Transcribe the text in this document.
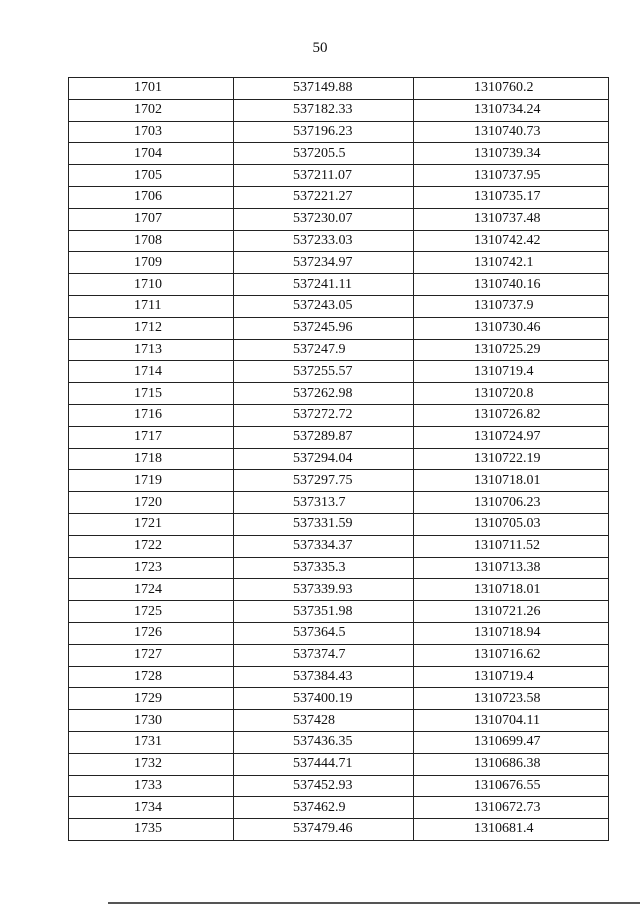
50
1701	537149.88	1310760.2
1702	537182.33	1310734.24
1703	537196.23	1310740.73
1704	537205.5	1310739.34
1705	537211.07	1310737.95
1706	537221.27	1310735.17
1707	537230.07	1310737.48
1708	537233.03	1310742.42
1709	537234.97	1310742.1
1710	537241.11	1310740.16
1711	537243.05	1310737.9
1712	537245.96	1310730.46
1713	537247.9	1310725.29
1714	537255.57	1310719.4
1715	537262.98	1310720.8
1716	537272.72	1310726.82
1717	537289.87	1310724.97
1718	537294.04	1310722.19
1719	537297.75	1310718.01
1720	537313.7	1310706.23
1721	537331.59	1310705.03
1722	537334.37	1310711.52
1723	537335.3	1310713.38
1724	537339.93	1310718.01
1725	537351.98	1310721.26
1726	537364.5	1310718.94
1727	537374.7	1310716.62
1728	537384.43	1310719.4
1729	537400.19	1310723.58
1730	537428	1310704.11
1731	537436.35	1310699.47
1732	537444.71	1310686.38
1733	537452.93	1310676.55
1734	537462.9	1310672.73
1735	537479.46	1310681.4
